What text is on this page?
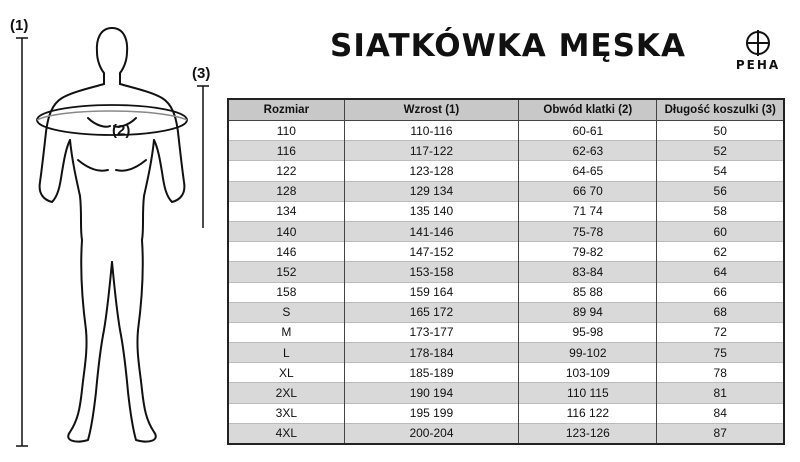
(1)
(3)
(2)
SIATKÓWKA MĘSKA
PEHA
Rozmiar	Wzrost (1)	Obwód klatki (2)	Długość koszulki (3)
110	110-116	60-61	50
116	117-122	62-63	52
122	123-128	64-65	54
128	129 134	66 70	56
134	135 140	71 74	58
140	141-146	75-78	60
146	147-152	79-82	62
152	153-158	83-84	64
158	159 164	85 88	66
S	165 172	89 94	68
M	173-177	95-98	72
L	178-184	99-102	75
XL	185-189	103-109	78
2XL	190 194	110 115	81
3XL	195 199	116 122	84
4XL	200-204	123-126	87
